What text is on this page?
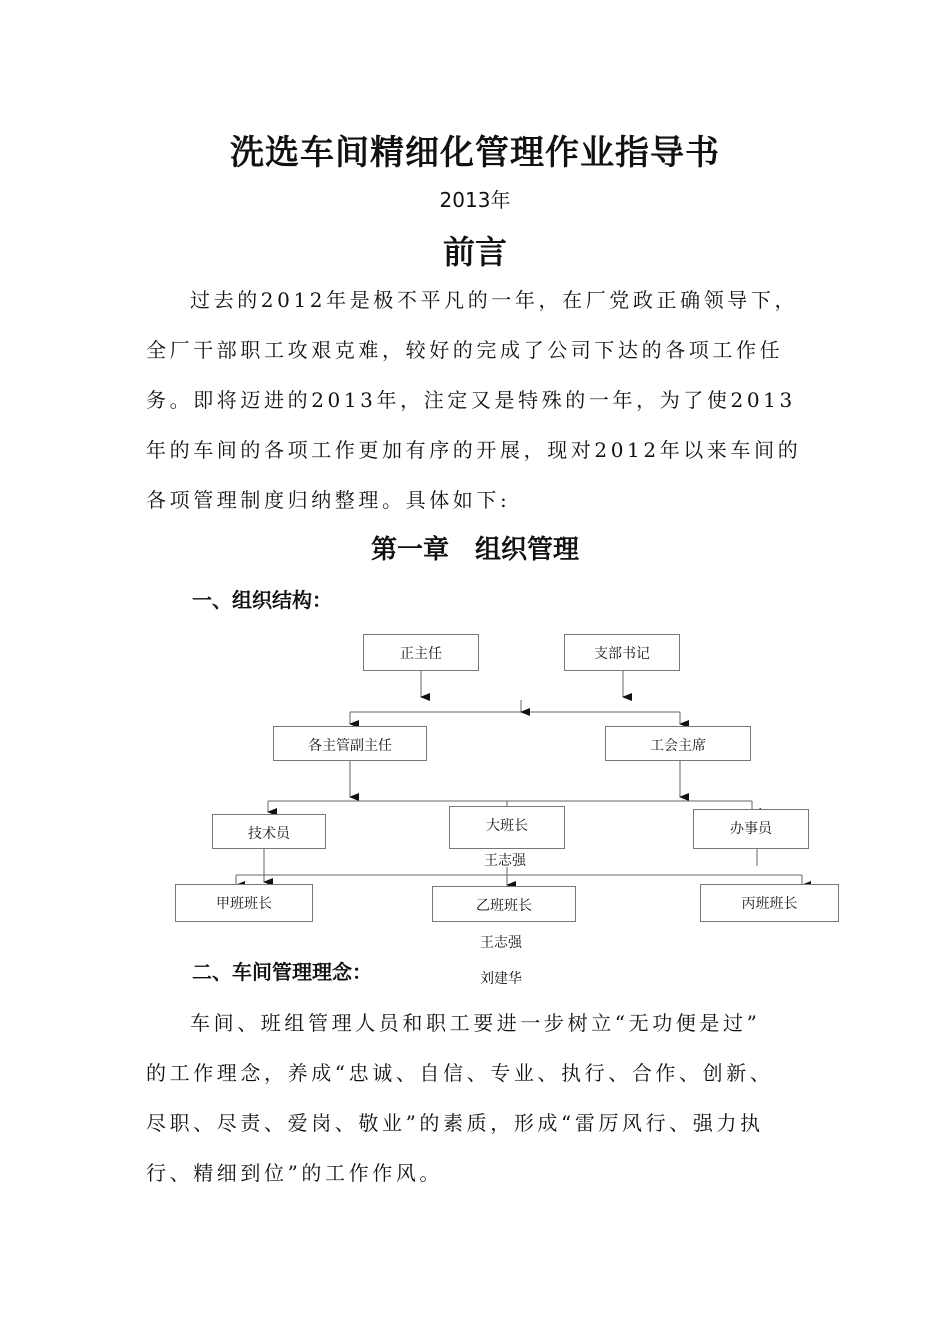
洗选车间精细化管理作业指导书
2013年
前言

过去的2012年是极不平凡的一年，在厂党政正确领导下，
全厂干部职工攻艰克难，较好的完成了公司下达的各项工作任
务。即将迈进的2013年，注定又是特殊的一年，为了使2013
年的车间的各项工作更加有序的开展，现对2012年以来车间的
各项管理制度归纳整理。具体如下:

第一章　组织管理
一、组织结构：
正主任	支部书记
各主管副主任	工会主席
技术员	大班长	办事员
王志强
甲班班长	乙班班长	丙班班长
王志强
刘建华
二、车间管理理念：

车间、班组管理人员和职工要进一步树立“无功便是过”
的工作理念，养成“忠诚、自信、专业、执行、合作、创新、
尽职、尽责、爱岗、敬业”的素质，形成“雷厉风行、强力执
行、精细到位”的工作作风。
